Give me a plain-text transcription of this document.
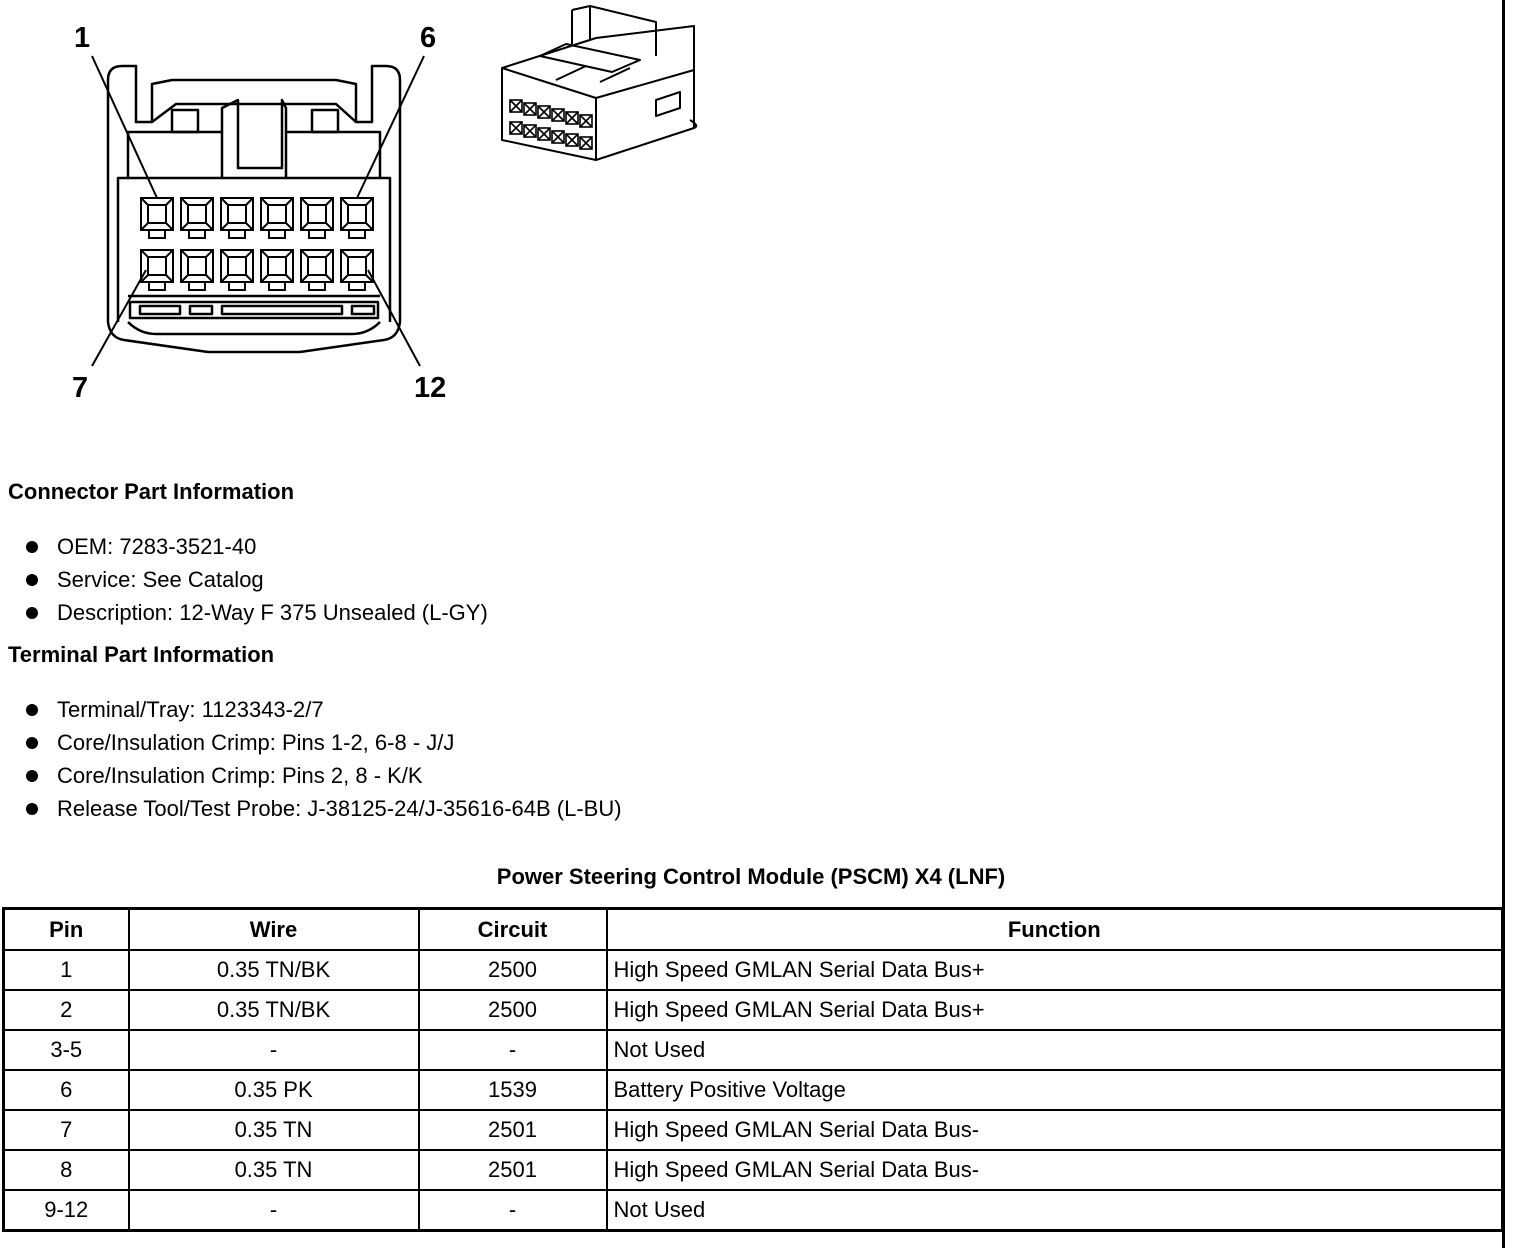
1	6
7	12
Connector Part Information
OEM: 7283-3521-40
Service: See Catalog
Description: 12-Way F 375 Unsealed (L-GY)
Terminal Part Information
Terminal/Tray: 1123343-2/7
Core/Insulation Crimp: Pins 1-2, 6-8 - J/J
Core/Insulation Crimp: Pins 2, 8 - K/K
Release Tool/Test Probe: J-38125-24/J-35616-64B (L-BU)
Power Steering Control Module (PSCM) X4 (LNF)
Pin	Wire	Circuit	Function
1	0.35 TN/BK	2500	High Speed GMLAN Serial Data Bus+
2	0.35 TN/BK	2500	High Speed GMLAN Serial Data Bus+
3-5	-	-	Not Used
6	0.35 PK	1539	Battery Positive Voltage
7	0.35 TN	2501	High Speed GMLAN Serial Data Bus-
8	0.35 TN	2501	High Speed GMLAN Serial Data Bus-
9-12	-	-	Not Used
